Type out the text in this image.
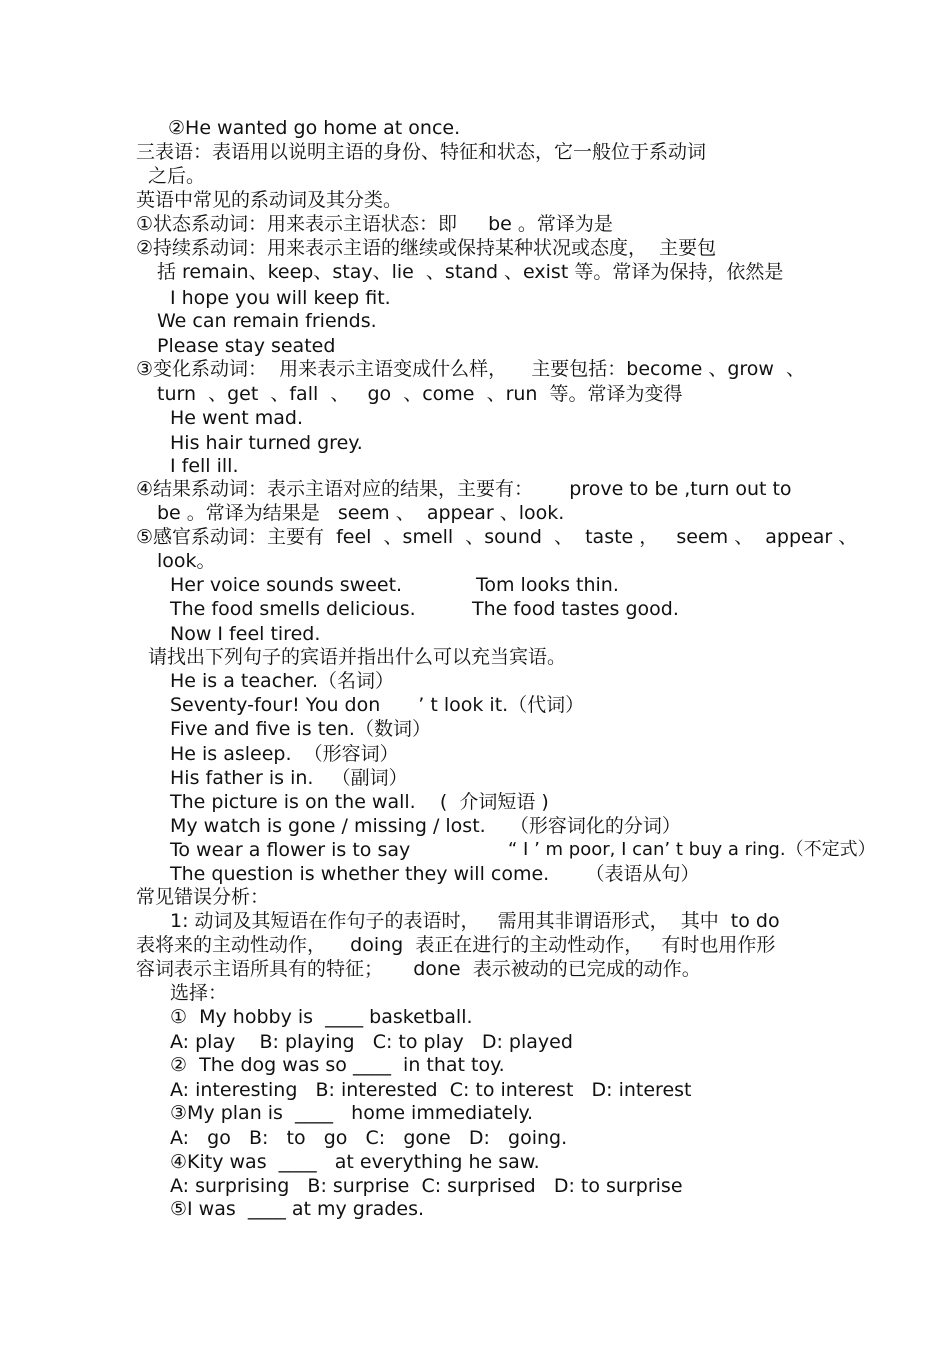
②He wanted go home at once.
三表语：表语用以说明主语的身份、特征和状态，它一般位于系动词
之后。
英语中常见的系动词及其分类。
①状态系动词：用来表示主语状态：即　  be 。常译为是
②持续系动词：用来表示主语的继续或保持某种状况或态度，  主要包
括 remain、keep、stay、lie  、stand 、exist 等。常译为保持，依然是
I hope you will keep fit.
We can remain friends.
Please stay seated
③变化系动词：  用来表示主语变成什么样，    主要包括：become 、grow  、
turn  、get  、fall  、   go  、come  、run  等。常译为变得
He went mad.
His hair turned grey.
I fell ill.
④结果系动词：表示主语对应的结果，主要有：      prove to be ,turn out to
be 。常译为结果是   seem 、  appear 、look.
⑤感官系动词：主要有  feel  、smell  、sound  、  taste ，   seem 、  appear 、
look。
Her voice sounds sweet.	Tom looks thin.
The food smells delicious.	The food tastes good.
Now I feel tired.
请找出下列句子的宾语并指出什么可以充当宾语。
He is a teacher.（名词）
Seventy-four! You don　　’ t look it.（代词）
Five and five is ten.（数词）
He is asleep.  （形容词）
His father is in.   （副词）
The picture is on the wall.    (  介词短语 )
My watch is gone / missing / lost.    （形容词化的分词）
To wear a flower is to say	“ I ’ m poor, I can’ t buy a ring.（不定式）
The question is whether they will come.      （表语从句）
常见错误分析：
1: 动词及其短语在作句子的表语时，   需用其非谓语形式，  其中  to do
表将来的主动性动作，    doing  表正在进行的主动性动作，   有时也用作形
容词表示主语所具有的特征；     done  表示被动的已完成的动作。
选择：
①  My hobby is  ____ basketball.
A: play    B: playing   C: to play   D: played
②  The dog was so ____  in that toy.
A: interesting   B: interested  C: to interest   D: interest
③My plan is  ____   home immediately.
A:   go   B:   to   go   C:   gone   D:   going.
④Kity was  ____   at everything he saw.
A: surprising   B: surprise  C: surprised   D: to surprise
⑤I was  ____ at my grades.
